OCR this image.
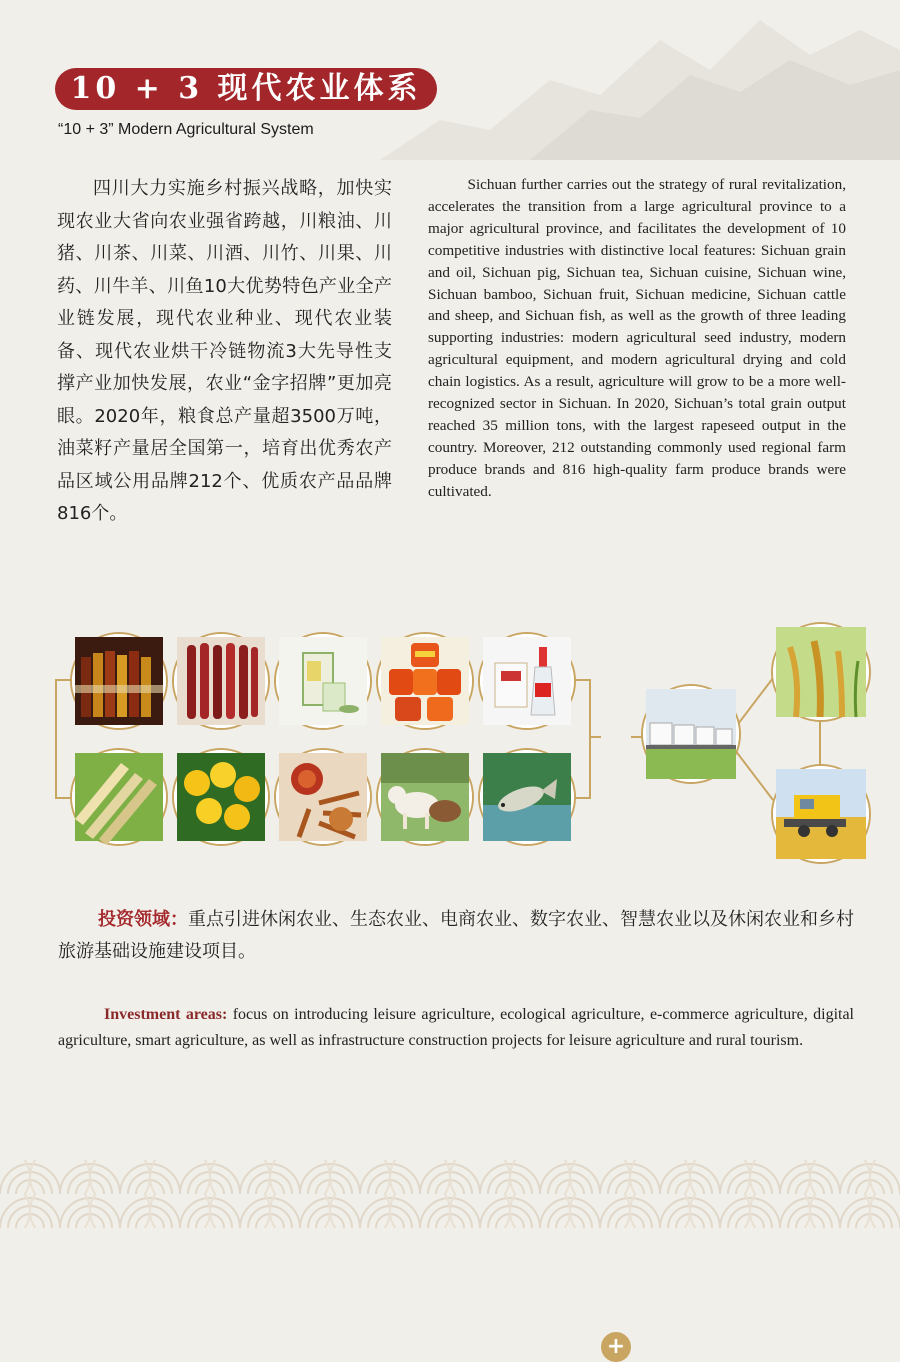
10 + 3 现代农业体系
“10 + 3” Modern Agricultural System

四川大力实施乡村振兴战略，加快实现农业大省向农业强省跨越，川粮油、川猪、川茶、川菜、川酒、川竹、川果、川药、川牛羊、川鱼10大优势特色产业全产业链发展，现代农业种业、现代农业装备、现代农业烘干冷链物流3大先导性支撑产业加快发展，农业“金字招牌”更加亮眼。2020年，粮食总产量超3500万吨，油菜籽产量居全国第一，培育出优秀农产品区域公用品牌212个、优质农产品品牌816个。

Sichuan further carries out the strategy of rural revitalization, accelerates the transition from a large agricultural province to a major agricultural province, and facilitates the development of 10 competitive industries with distinctive local features: Sichuan grain and oil, Sichuan pig, Sichuan tea, Sichuan cuisine, Sichuan wine, Sichuan bamboo, Sichuan fruit, Sichuan medicine, Sichuan cattle and sheep, and Sichuan fish, as well as the growth of three leading supporting industries: modern agricultural seed industry, modern agricultural equipment, and modern agricultural drying and cold chain logistics. As a result, agriculture will grow to be a more well-recognized sector in Sichuan. In 2020, Sichuan’s total grain output reached 35 million tons, with the largest rapeseed output in the country. Moreover, 212 outstanding commonly used regional farm produce brands and 816 high-quality farm produce brands were cultivated.

+
投资领域：重点引进休闲农业、生态农业、电商农业、数字农业、智慧农业以及休闲农业和乡村旅游基础设施建设项目。
Investment areas: focus on introducing leisure agriculture, ecological agriculture, e-commerce agriculture, digital agriculture, smart agriculture, as well as infrastructure construction projects for leisure agriculture and rural tourism.
